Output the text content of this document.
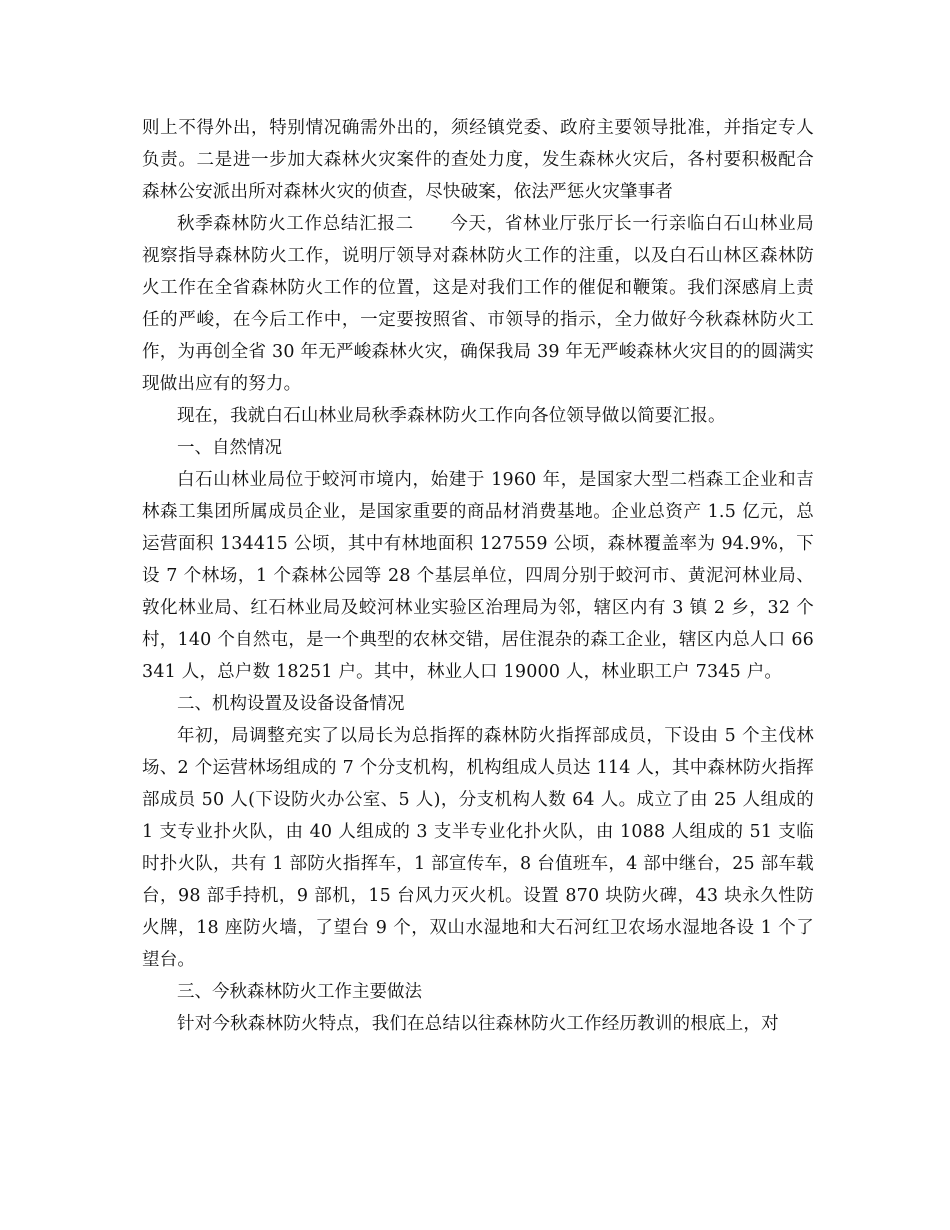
则上不得外出，特别情况确需外出的，须经镇党委、政府主要领导批准，并指定专人负责。二是进一步加大森林火灾案件的查处力度，发生森林火灾后，各村要积极配合森林公安派出所对森林火灾的侦查，尽快破案，依法严惩火灾肇事者

秋季森林防火工作总结汇报二　　今天，省林业厅张厅长一行亲临白石山林业局视察指导森林防火工作，说明厅领导对森林防火工作的注重，以及白石山林区森林防火工作在全省森林防火工作的位置，这是对我们工作的催促和鞭策。我们深感肩上责任的严峻，在今后工作中，一定要按照省、市领导的指示，全力做好今秋森林防火工作，为再创全省 30 年无严峻森林火灾，确保我局 39 年无严峻森林火灾目的的圆满实现做出应有的努力。

现在，我就白石山林业局秋季森林防火工作向各位领导做以简要汇报。

一、自然情况

白石山林业局位于蛟河市境内，始建于 1960 年，是国家大型二档森工企业和吉林森工集团所属成员企业，是国家重要的商品材消费基地。企业总资产 1.5 亿元，总运营面积 134415 公顷，其中有林地面积 127559 公顷，森林覆盖率为 94.9%，下设 7 个林场，1 个森林公园等 28 个基层单位，四周分别于蛟河市、黄泥河林业局、敦化林业局、红石林业局及蛟河林业实验区治理局为邻，辖区内有 3 镇 2 乡，32 个村，140 个自然屯，是一个典型的农林交错，居住混杂的森工企业，辖区内总人口 66341 人，总户数 18251 户。其中，林业人口 19000 人，林业职工户 7345 户。

二、机构设置及设备设备情况

年初，局调整充实了以局长为总指挥的森林防火指挥部成员，下设由 5 个主伐林场、2 个运营林场组成的 7 个分支机构，机构组成人员达 114 人，其中森林防火指挥部成员 50 人(下设防火办公室、5 人)，分支机构人数 64 人。成立了由 25 人组成的 1 支专业扑火队，由 40 人组成的 3 支半专业化扑火队，由 1088 人组成的 51 支临时扑火队，共有 1 部防火指挥车，1 部宣传车，8 台值班车，4 部中继台，25 部车载台，98 部手持机，9 部机，15 台风力灭火机。设置 870 块防火碑，43 块永久性防火牌，18 座防火墙，了望台 9 个，双山水湿地和大石河红卫农场水湿地各设 1 个了望台。

三、今秋森林防火工作主要做法

针对今秋森林防火特点，我们在总结以往森林防火工作经历教训的根底上，对
